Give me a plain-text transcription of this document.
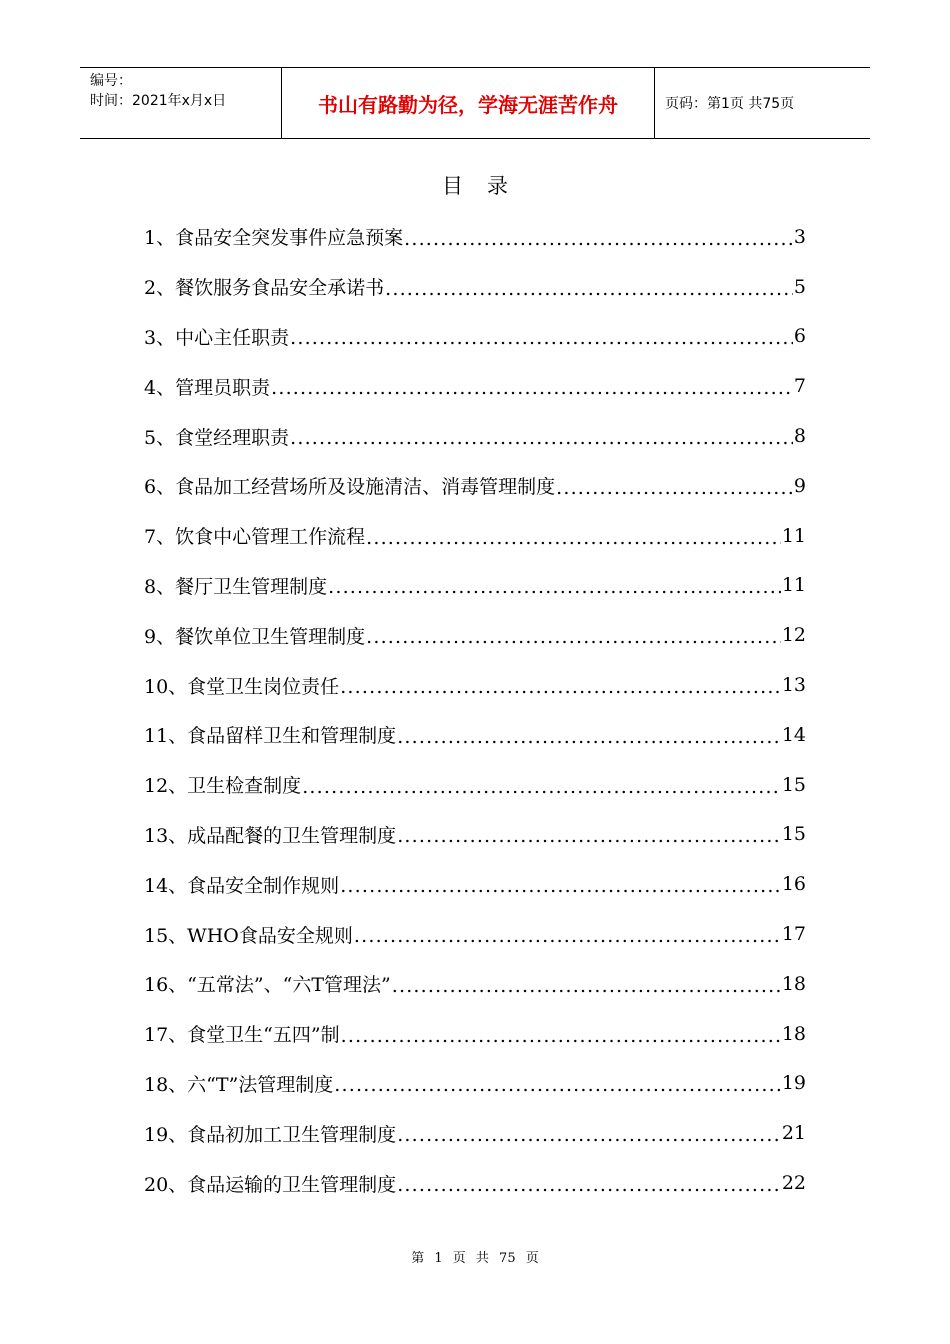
编号：
时间：2021年x月x日	书山有路勤为径，学海无涯苦作舟	页码：第1页 共75页
目录
1、食品安全突发事件应急预案 .....	3
2、餐饮服务食品安全承诺书 .....	5
3、中心主任职责 .....	6
4、管理员职责 .....	7
5、食堂经理职责 .....	8
6、食品加工经营场所及设施清洁、消毒管理制度 .....	9
7、饮食中心管理工作流程 .....	11
8、餐厅卫生管理制度 .....	11
9、餐饮单位卫生管理制度 .....	12
10、食堂卫生岗位责任 .....	13
11、食品留样卫生和管理制度 .....	14
12、卫生检查制度 .....	15
13、成品配餐的卫生管理制度 .....	15
14、食品安全制作规则 .....	16
15、WHO食品安全规则 .....	17
16、“五常法”、“六T管理法” .....	18
17、食堂卫生“五四”制 .....	18
18、六“T”法管理制度 .....	19
19、食品初加工卫生管理制度 .....	21
20、食品运输的卫生管理制度 .....	22
第 1 页 共 75 页
